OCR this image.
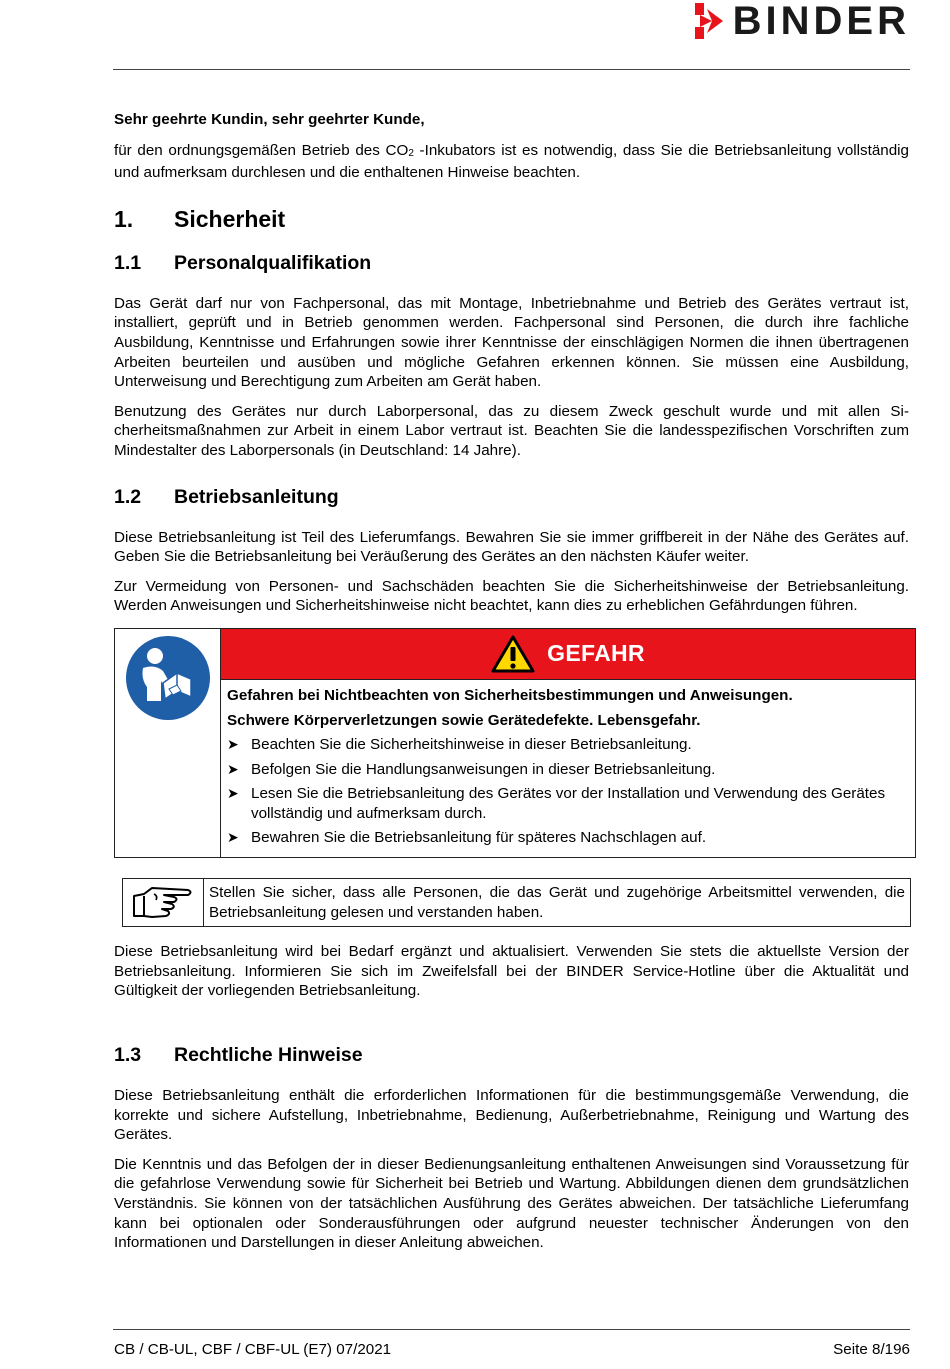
BINDER

Sehr geehrte Kundin, sehr geehrter Kunde,

für den ordnungsgemäßen Betrieb des CO2 -Inkubators ist es notwendig, dass Sie die Betriebsanleitung vollständig und aufmerksam durchlesen und die enthaltenen Hinweise beachten.

1.	Sicherheit
1.1	Personalqualifikation

Das Gerät darf nur von Fachpersonal, das mit Montage, Inbetriebnahme und Betrieb des Gerätes vertraut ist, installiert, geprüft und in Betrieb genommen werden. Fachpersonal sind Personen, die durch ihre fachliche Ausbildung, Kenntnisse und Erfahrungen sowie ihrer Kenntnisse der einschlägigen Normen die ihnen übertragenen Arbeiten beurteilen und ausüben und mögliche Gefahren erkennen können. Sie müssen eine Ausbildung, Unterweisung und Berechtigung zum Arbeiten am Gerät haben.

Benutzung des Gerätes nur durch Laborpersonal, das zu diesem Zweck geschult wurde und mit allen Sicherheitsmaßnahmen zur Arbeit in einem Labor vertraut ist. Beachten Sie die landesspezifischen Vorschriften zum Mindestalter des Laborpersonals (in Deutschland: 14 Jahre).

1.2	Betriebsanleitung

Diese Betriebsanleitung ist Teil des Lieferumfangs. Bewahren Sie sie immer griffbereit in der Nähe des Gerätes auf. Geben Sie die Betriebsanleitung bei Veräußerung des Gerätes an den nächsten Käufer weiter.

Zur Vermeidung von Personen- und Sachschäden beachten Sie die Sicherheitshinweise der Betriebsanleitung. Werden Anweisungen und Sicherheitshinweise nicht beachtet, kann dies zu erheblichen Gefährdungen führen.

GEFAHR

Gefahren bei Nichtbeachten von Sicherheitsbestimmungen und Anweisungen.

Schwere Körperverletzungen sowie Gerätedefekte. Lebensgefahr.

➤ Beachten Sie die Sicherheitshinweise in dieser Betriebsanleitung.
➤ Befolgen Sie die Handlungsanweisungen in dieser Betriebsanleitung.
➤ Lesen Sie die Betriebsanleitung des Gerätes vor der Installation und Verwendung des Gerätes vollständig und aufmerksam durch.
➤ Bewahren Sie die Betriebsanleitung für späteres Nachschlagen auf.

Stellen Sie sicher, dass alle Personen, die das Gerät und zugehörige Arbeitsmittel verwenden, die Betriebsanleitung gelesen und verstanden haben.

Diese Betriebsanleitung wird bei Bedarf ergänzt und aktualisiert. Verwenden Sie stets die aktuellste Version der Betriebsanleitung. Informieren Sie sich im Zweifelsfall bei der BINDER Service-Hotline über die Aktualität und Gültigkeit der vorliegenden Betriebsanleitung.

1.3	Rechtliche Hinweise

Diese Betriebsanleitung enthält die erforderlichen Informationen für die bestimmungsgemäße Verwendung, die korrekte und sichere Aufstellung, Inbetriebnahme, Bedienung, Außerbetriebnahme, Reinigung und Wartung des Gerätes.

Die Kenntnis und das Befolgen der in dieser Bedienungsanleitung enthaltenen Anweisungen sind Voraussetzung für die gefahrlose Verwendung sowie für Sicherheit bei Betrieb und Wartung. Abbildungen dienen dem grundsätzlichen Verständnis. Sie können von der tatsächlichen Ausführung des Gerätes abweichen. Der tatsächliche Lieferumfang kann bei optionalen oder Sonderausführungen oder aufgrund neuester technischer Änderungen von den Informationen und Darstellungen in dieser Anleitung abweichen.

CB / CB-UL, CBF / CBF-UL (E7) 07/2021	Seite 8/196
